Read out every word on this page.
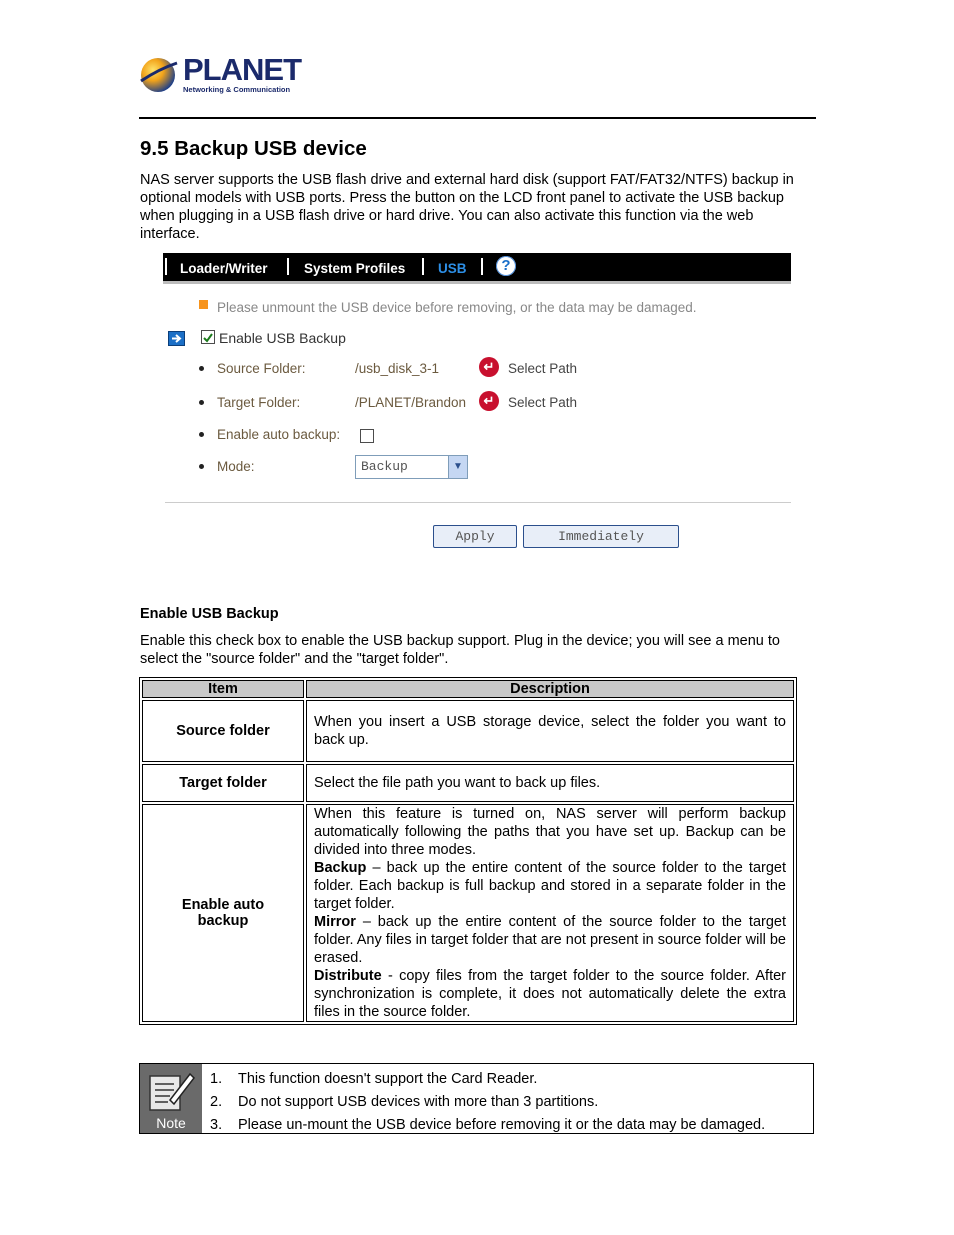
PLANET
Networking & Communication
9.5 Backup USB device
NAS server supports the USB flash drive and external hard disk (support FAT/FAT32/NTFS) backup in optional models with USB ports. Press the button on the LCD front panel to activate the USB backup when plugging in a USB flash drive or hard drive. You can also activate this function via the web interface.
Loader/Writer	System Profiles USB	?
Please unmount the USB device before removing, or the data may be damaged.
Enable USB Backup
Source Folder:	/usb_disk_3-1	↵	Select Path
Target Folder:	/PLANET/Brandon	↵	Select Path
Enable auto backup:
Mode:	Backup	▼
Apply	Immediately
Enable USB Backup
Enable this check box to enable the USB backup support. Plug in the device; you will see a menu to select the "source folder" and the "target folder".
Item	Description
Source folder	When you insert a USB storage device, select the folder you want to back up.
Target folder	Select the file path you want to back up files.
Enable auto backup	When this feature is turned on, NAS server will perform backup automatically following the paths that you have set up. Backup can be divided into three modes.
Backup – back up the entire content of the source folder to the target folder. Each backup is full backup and stored in a separate folder in the target folder.
Mirror – back up the entire content of the source folder to the target folder. Any files in target folder that are not present in source folder will be erased.
Distribute - copy files from the target folder to the source folder. After synchronization is complete, it does not automatically delete the extra files in the source folder.
Note
1. This function doesn't support the Card Reader.
2. Do not support USB devices with more than 3 partitions.
3. Please un-mount the USB device before removing it or the data may be damaged.
